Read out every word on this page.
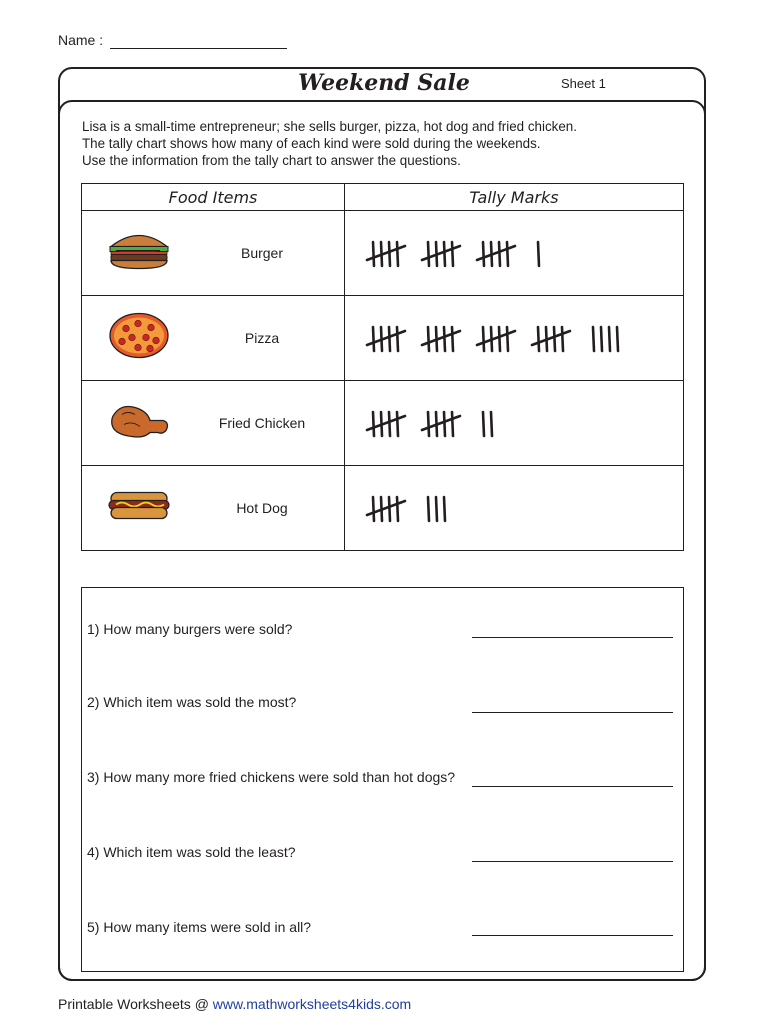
Name :
Weekend Sale	Sheet 1
Lisa is a small-time entrepreneur; she sells burger, pizza, hot dog and fried chicken.
The tally chart shows how many of each kind were sold during the weekends.
Use the information from the tally chart to answer the questions.
Food Items	Tally Marks

Burger

Pizza

Fried Chicken

Hot Dog

1) How many burgers were sold?
2) Which item was sold the most?
3) How many more fried chickens were sold than hot dogs?
4) Which item was sold the least?
5) How many items were sold in all?
Printable Worksheets @ www.mathworksheets4kids.com
